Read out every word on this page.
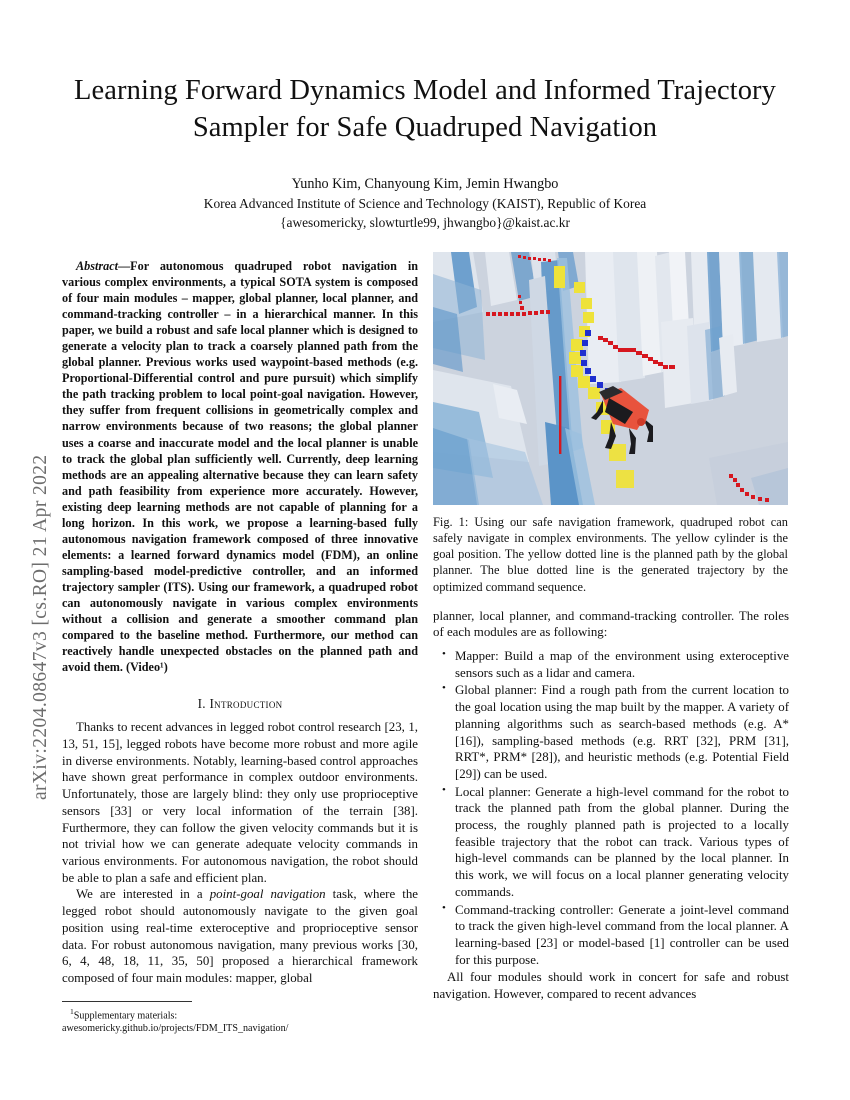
arXiv:2204.08647v3 [cs.RO] 21 Apr 2022
Learning Forward Dynamics Model and Informed Trajectory Sampler for Safe Quadruped Navigation
Yunho Kim, Chanyoung Kim, Jemin Hwangbo
Korea Advanced Institute of Science and Technology (KAIST), Republic of Korea
{awesomericky, slowturtle99, jhwangbo}@kaist.ac.kr

Abstract—For autonomous quadruped robot navigation in various complex environments, a typical SOTA system is composed of four main modules – mapper, global planner, local planner, and command-tracking controller – in a hierarchical manner. In this paper, we build a robust and safe local planner which is designed to generate a velocity plan to track a coarsely planned path from the global planner. Previous works used waypoint-based methods (e.g. Proportional-Differential control and pure pursuit) which simplify the path tracking problem to local point-goal navigation. However, they suffer from frequent collisions in geometrically complex and narrow environments because of two reasons; the global planner uses a coarse and inaccurate model and the local planner is unable to track the global plan sufficiently well. Currently, deep learning methods are an appealing alternative because they can learn safety and path feasibility from experience more accurately. However, existing deep learning methods are not capable of planning for a long horizon. In this work, we propose a learning-based fully autonomous navigation framework composed of three innovative elements: a learned forward dynamics model (FDM), an online sampling-based model-predictive controller, and an informed trajectory sampler (ITS). Using our framework, a quadruped robot can autonomously navigate in various complex environments without a collision and generate a smoother command plan compared to the baseline method. Furthermore, our method can reactively handle unexpected obstacles on the planned path and avoid them. (Video¹)

I. Introduction

Thanks to recent advances in legged robot control research [23, 1, 13, 51, 15], legged robots have become more robust and more agile in diverse environments. Notably, learning-based control approaches have shown great performance in complex outdoor environments. Unfortunately, those are largely blind: they only use proprioceptive sensors [33] or very local information of the terrain [38]. Furthermore, they can follow the given velocity commands but it is not trivial how we can generate adequate velocity commands in various environments. For autonomous navigation, the robot should be able to plan a safe and efficient plan.

We are interested in a point-goal navigation task, where the legged robot should autonomously navigate to the given goal position using real-time exteroceptive and proprioceptive sensor data. For robust autonomous navigation, many previous works [30, 6, 4, 48, 18, 11, 35, 50] proposed a hierarchical framework composed of four main modules: mapper, global

$^1$Supplementary materials:
awesomericky.github.io/projects/FDM_ITS_navigation/
Fig. 1: Using our safe navigation framework, quadruped robot can safely navigate in complex environments. The yellow cylinder is the goal position. The yellow dotted line is the planned path by the global planner. The blue dotted line is the generated trajectory by the optimized command sequence.

planner, local planner, and command-tracking controller. The roles of each modules are as following:

• Mapper: Build a map of the environment using exteroceptive sensors such as a lidar and camera.
• Global planner: Find a rough path from the current location to the goal location using the map built by the mapper. A variety of planning algorithms such as search-based methods (e.g. A* [16]), sampling-based methods (e.g. RRT [32], PRM [31], RRT*, PRM* [28]), and heuristic methods (e.g. Potential Field [29]) can be used.
• Local planner: Generate a high-level command for the robot to track the planned path from the global planner. During the process, the roughly planned path is projected to a locally feasible trajectory that the robot can track. Various types of high-level commands can be planned by the local planner. In this work, we will focus on a local planner generating velocity commands.
• Command-tracking controller: Generate a joint-level command to track the given high-level command from the local planner. A learning-based [23] or model-based [1] controller can be used for this purpose.

All four modules should work in concert for safe and robust navigation. However, compared to recent advances
